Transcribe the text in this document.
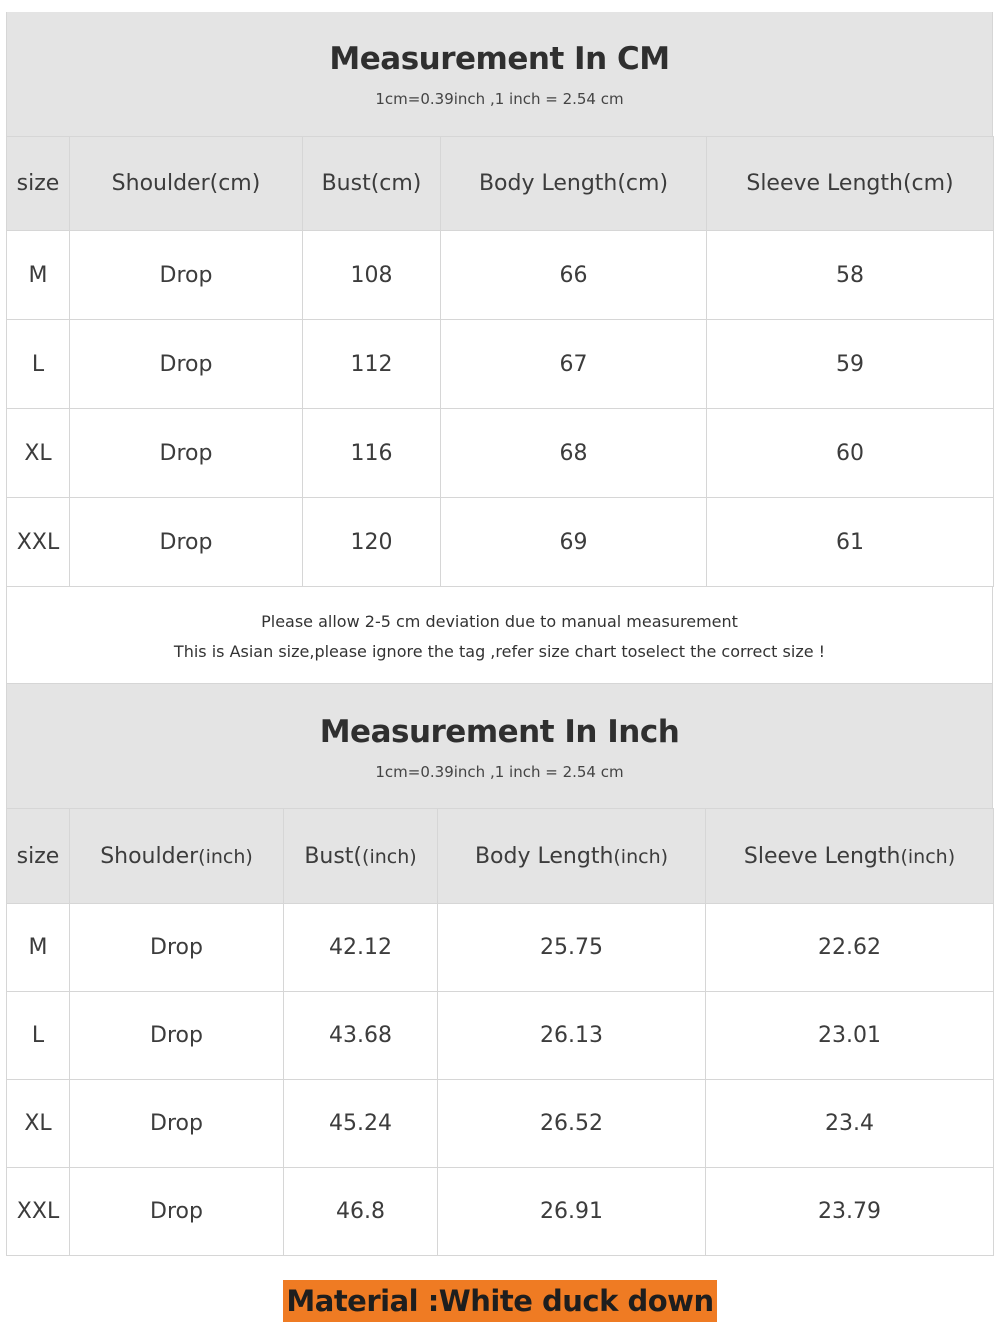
Measurement In CM
1cm=0.39inch ,1 inch = 2.54 cm
size	Shoulder(cm)	Bust(cm)	Body Length(cm)	Sleeve Length(cm)
M	Drop	108	66	58
L	Drop	112	67	59
XL	Drop	116	68	60
XXL	Drop	120	69	61
Please allow 2-5 cm deviation due to manual measurement
This is Asian size,please ignore the tag ,refer size chart toselect the correct size !
Measurement In Inch
1cm=0.39inch ,1 inch = 2.54 cm
size	Shoulder(inch)	Bust((inch)	Body Length(inch)	Sleeve Length(inch)
M	Drop	42.12	25.75	22.62
L	Drop	43.68	26.13	23.01
XL	Drop	45.24	26.52	23.4
XXL	Drop	46.8	26.91	23.79
Material :White duck down
